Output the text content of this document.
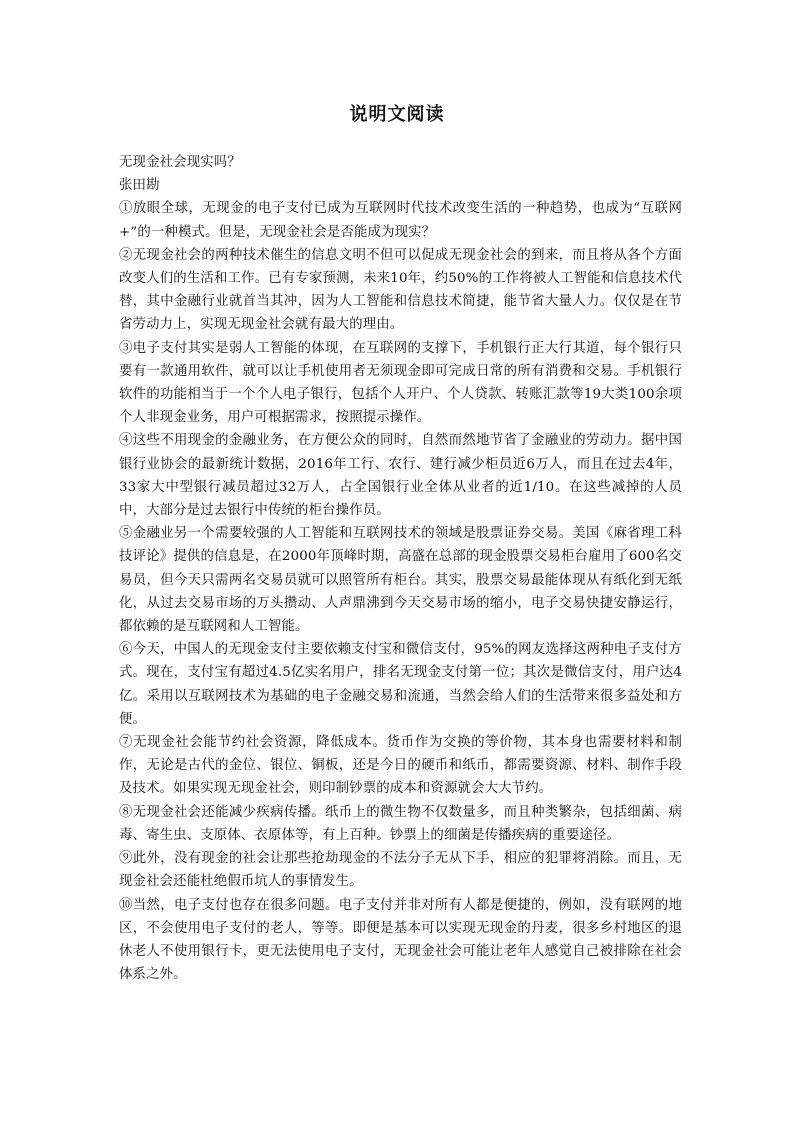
说明文阅读

无现金社会现实吗？

张田勘

①放眼全球，无现金的电子支付已成为互联网时代技术改变生活的一种趋势，也成为“互联网+”的一种模式。但是，无现金社会是否能成为现实？

②无现金社会的两种技术催生的信息文明不但可以促成无现金社会的到来，而且将从各个方面改变人们的生活和工作。已有专家预测，未来10年，约50%的工作将被人工智能和信息技术代替，其中金融行业就首当其冲，因为人工智能和信息技术简捷，能节省大量人力。仅仅是在节省劳动力上，实现无现金社会就有最大的理由。

③电子支付其实是弱人工智能的体现，在互联网的支撑下，手机银行正大行其道，每个银行只要有一款通用软件，就可以让手机使用者无须现金即可完成日常的所有消费和交易。手机银行软件的功能相当于一个个人电子银行，包括个人开户、个人贷款、转账汇款等19大类100余项个人非现金业务，用户可根据需求，按照提示操作。

④这些不用现金的金融业务，在方便公众的同时，自然而然地节省了金融业的劳动力。据中国银行业协会的最新统计数据，2016年工行、农行、建行减少柜员近6万人，而且在过去4年，33家大中型银行减员超过32万人，占全国银行业全体从业者的近1/10。在这些减掉的人员中，大部分是过去银行中传统的柜台操作员。

⑤金融业另一个需要较强的人工智能和互联网技术的领域是股票证券交易。美国《麻省理工科技评论》提供的信息是，在2000年顶峰时期，高盛在总部的现金股票交易柜台雇用了600名交易员，但今天只需两名交易员就可以照管所有柜台。其实，股票交易最能体现从有纸化到无纸化，从过去交易市场的万头攒动、人声鼎沸到今天交易市场的缩小，电子交易快捷安静运行，都依赖的是互联网和人工智能。

⑥今天，中国人的无现金支付主要依赖支付宝和微信支付，95%的网友选择这两种电子支付方式。现在，支付宝有超过4.5亿实名用户，排名无现金支付第一位；其次是微信支付，用户达4亿。采用以互联网技术为基础的电子金融交易和流通，当然会给人们的生活带来很多益处和方便。

⑦无现金社会能节约社会资源，降低成本。货币作为交换的等价物，其本身也需要材料和制作，无论是古代的金位、银位、铜板，还是今日的硬币和纸币，都需要资源、材料、制作手段及技术。如果实现无现金社会，则印制钞票的成本和资源就会大大节约。

⑧无现金社会还能减少疾病传播。纸币上的微生物不仅数量多，而且种类繁杂，包括细菌、病毒、寄生虫、支原体、衣原体等，有上百种。钞票上的细菌是传播疾病的重要途径。

⑨此外，没有现金的社会让那些抢劫现金的不法分子无从下手，相应的犯罪将消除。而且，无现金社会还能杜绝假币坑人的事情发生。

⑩当然，电子支付也存在很多问题。电子支付并非对所有人都是便捷的，例如，没有联网的地区，不会使用电子支付的老人，等等。即便是基本可以实现无现金的丹麦，很多乡村地区的退休老人不使用银行卡，更无法使用电子支付，无现金社会可能让老年人感觉自己被排除在社会体系之外。
